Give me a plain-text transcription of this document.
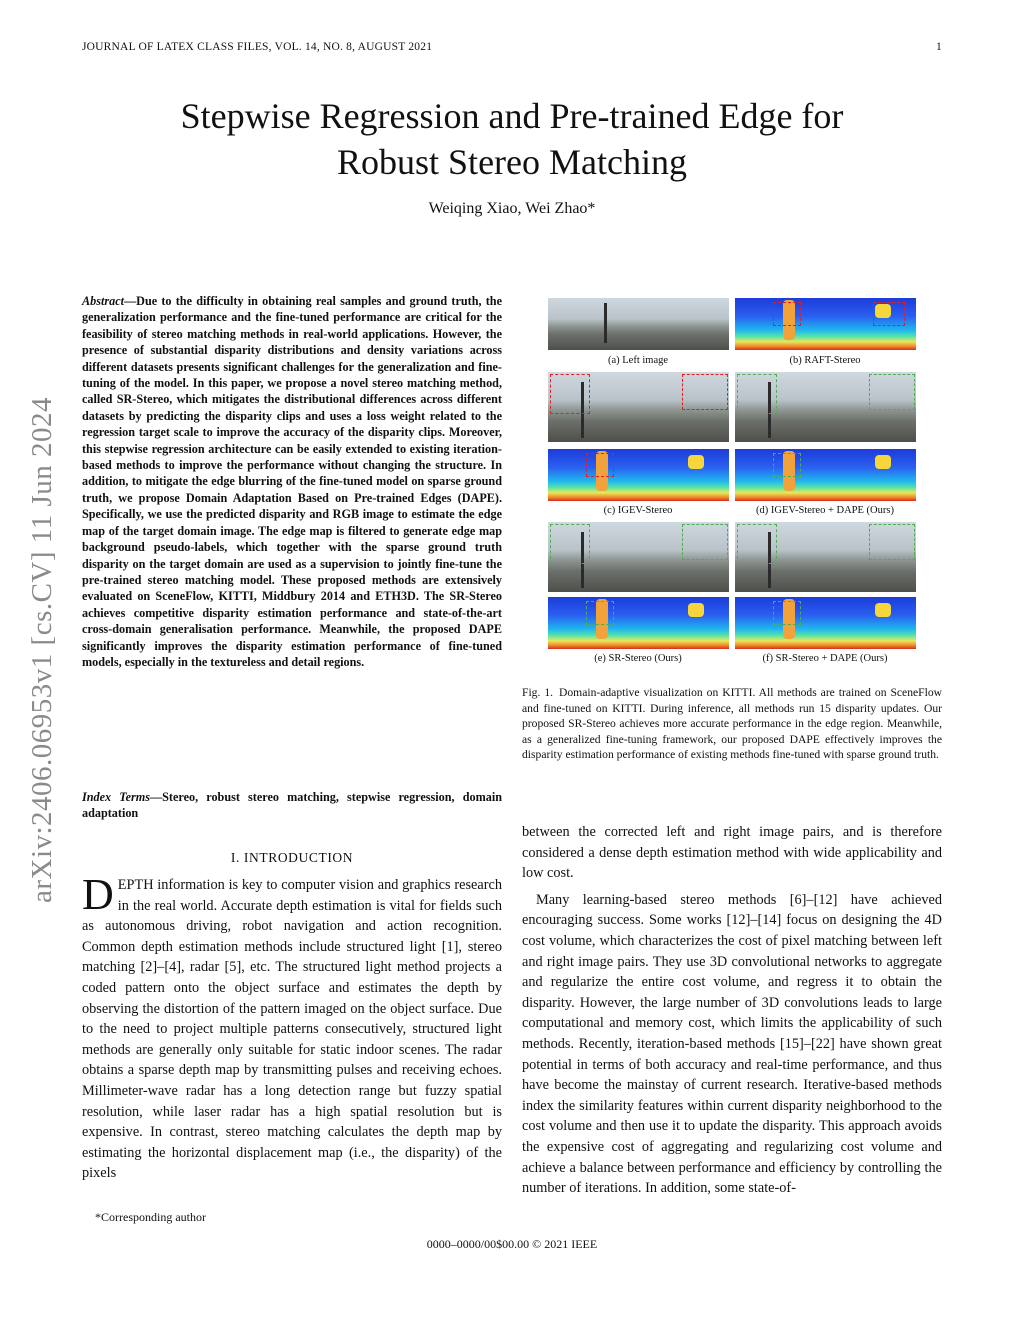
JOURNAL OF LATEX CLASS FILES, VOL. 14, NO. 8, AUGUST 2021	1
Stepwise Regression and Pre-trained Edge for
Robust Stereo Matching
Weiqing Xiao, Wei Zhao*
arXiv:2406.06953v1 [cs.CV] 11 Jun 2024
Abstract—Due to the difficulty in obtaining real samples and ground truth, the generalization performance and the fine-tuned performance are critical for the feasibility of stereo matching methods in real-world applications. However, the presence of substantial disparity distributions and density variations across different datasets presents significant challenges for the generalization and fine-tuning of the model. In this paper, we propose a novel stereo matching method, called SR-Stereo, which mitigates the distributional differences across different datasets by predicting the disparity clips and uses a loss weight related to the regression target scale to improve the accuracy of the disparity clips. Moreover, this stepwise regression architecture can be easily extended to existing iteration-based methods to improve the performance without changing the structure. In addition, to mitigate the edge blurring of the fine-tuned model on sparse ground truth, we propose Domain Adaptation Based on Pre-trained Edges (DAPE). Specifically, we use the predicted disparity and RGB image to estimate the edge map of the target domain image. The edge map is filtered to generate edge map background pseudo-labels, which together with the sparse ground truth disparity on the target domain are used as a supervision to jointly fine-tune the pre-trained stereo matching model. These proposed methods are extensively evaluated on SceneFlow, KITTI, Middbury 2014 and ETH3D. The SR-Stereo achieves competitive disparity estimation performance and state-of-the-art cross-domain generalisation performance. Meanwhile, the proposed DAPE significantly improves the disparity estimation performance of fine-tuned models, especially in the textureless and detail regions.
Index Terms—Stereo, robust stereo matching, stepwise regression, domain adaptation
I. INTRODUCTION
DEPTH information is key to computer vision and graphics research in the real world. Accurate depth estimation is vital for fields such as autonomous driving, robot navigation and action recognition. Common depth estimation methods include structured light [1], stereo matching [2]–[4], radar [5], etc. The structured light method projects a coded pattern onto the object surface and estimates the depth by observing the distortion of the pattern imaged on the object surface. Due to the need to project multiple patterns consecutively, structured light methods are generally only suitable for static indoor scenes. The radar obtains a sparse depth map by transmitting pulses and receiving echoes. Millimeter-wave radar has a long detection range but fuzzy spatial resolution, while laser radar has a high spatial resolution but is expensive. In contrast, stereo matching calculates the depth map by estimating the horizontal displacement map (i.e., the disparity) of the pixels
*Corresponding author
(a) Left image	(b) RAFT-Stereo
(c) IGEV-Stereo	(d) IGEV-Stereo + DAPE (Ours)
(e) SR-Stereo (Ours)	(f) SR-Stereo + DAPE (Ours)
Fig. 1. Domain-adaptive visualization on KITTI. All methods are trained on SceneFlow and fine-tuned on KITTI. During inference, all methods run 15 disparity updates. Our proposed SR-Stereo achieves more accurate performance in the edge region. Meanwhile, as a generalized fine-tuning framework, our proposed DAPE effectively improves the disparity estimation performance of existing methods fine-tuned with sparse ground truth.

between the corrected left and right image pairs, and is therefore considered a dense depth estimation method with wide applicability and low cost.

Many learning-based stereo methods [6]–[12] have achieved encouraging success. Some works [12]–[14] focus on designing the 4D cost volume, which characterizes the cost of pixel matching between left and right image pairs. They use 3D convolutional networks to aggregate and regularize the entire cost volume, and regress it to obtain the disparity. However, the large number of 3D convolutions leads to large computational and memory cost, which limits the applicability of such methods. Recently, iteration-based methods [15]–[22] have shown great potential in terms of both accuracy and real-time performance, and thus have become the mainstay of current research. Iterative-based methods index the similarity features within current disparity neighborhood to the cost volume and then use it to update the disparity. This approach avoids the expensive cost of aggregating and regularizing cost volume and achieve a balance between performance and efficiency by controlling the number of iterations. In addition, some state-of-

0000–0000/00$00.00 © 2021 IEEE
